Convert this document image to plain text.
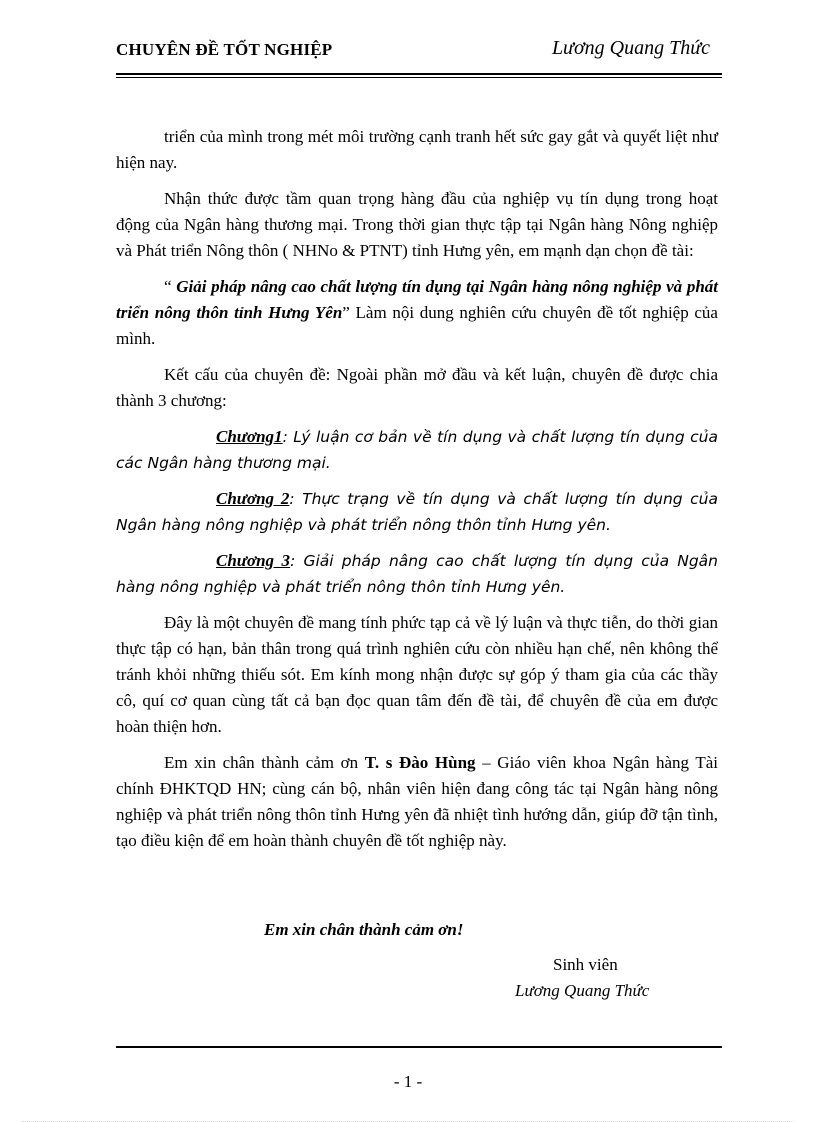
CHUYÊN ĐỀ TỐT NGHIỆP	Lương Quang Thức

triển của mình trong mét môi trường cạnh tranh hết sức gay gắt và quyết liệt như hiện nay.

Nhận thức được tầm quan trọng hàng đầu của nghiệp vụ tín dụng trong hoạt động của Ngân hàng thương mại. Trong thời gian thực tập tại Ngân hàng Nông nghiệp và Phát triển Nông thôn ( NHNo & PTNT) tỉnh Hưng yên, em mạnh dạn chọn đề tài:

“ Giải pháp nâng cao chất lượng tín dụng tại Ngân hàng nông nghiệp và phát triển nông thôn tỉnh Hưng Yên” Làm nội dung nghiên cứu chuyên đề tốt nghiệp của mình.

Kết cấu của chuyên đề: Ngoài phần mở đầu và kết luận, chuyên đề được chia thành 3 chương:

Chương1: Lý luận cơ bản về tín dụng và chất lượng tín dụng của các Ngân hàng thương mại.

Chương 2: Thực trạng về tín dụng và chất lượng tín dụng của Ngân hàng nông nghiệp và phát triển nông thôn tỉnh Hưng yên.

Chương 3: Giải pháp nâng cao chất lượng tín dụng của Ngân hàng nông nghiệp và phát triển nông thôn tỉnh Hưng yên.

Đây là một chuyên đề mang tính phức tạp cả về lý luận và thực tiễn, do thời gian thực tập có hạn, bản thân trong quá trình nghiên cứu còn nhiều hạn chế, nên không thể tránh khỏi những thiếu sót. Em kính mong nhận được sự góp ý tham gia của các thầy cô, quí cơ quan cùng tất cả bạn đọc quan tâm đến đề tài, để chuyên đề của em được hoàn thiện hơn.

Em xin chân thành cảm ơn T. s Đào Hùng – Giáo viên khoa Ngân hàng Tài chính ĐHKTQD HN; cùng cán bộ, nhân viên hiện đang công tác tại Ngân hàng nông nghiệp và phát triển nông thôn tỉnh Hưng yên đã nhiệt tình hướng dẫn, giúp đỡ tận tình, tạo điều kiện để em hoàn thành chuyên đề tốt nghiệp này.

Em xin chân thành cảm ơn!
Sinh viên
Lương Quang Thức
- 1 -
